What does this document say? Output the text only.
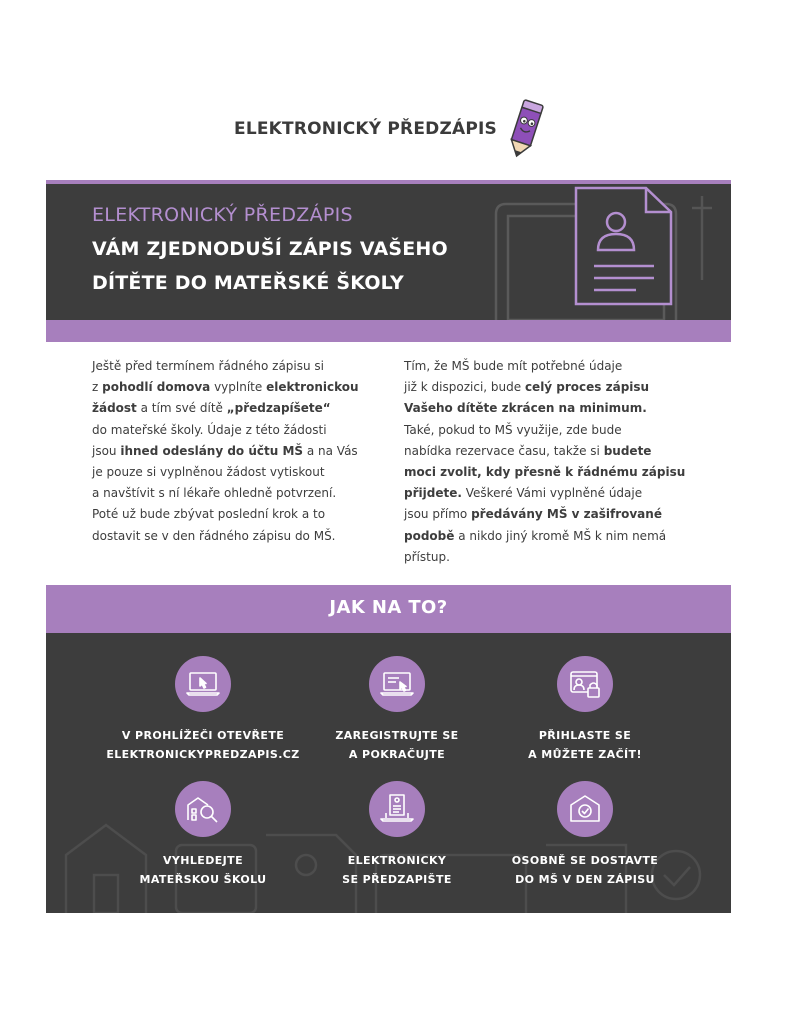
ELEKTRONICKÝ PŘEDZÁPIS
ELEKTRONICKÝ PŘEDZÁPIS
VÁM ZJEDNODUŠÍ ZÁPIS VAŠEHO
DÍTĚTE DO MATEŘSKÉ ŠKOLY
Ještě před termínem řádného zápisu si
z pohodlí domova vyplníte elektronickou
žádost a tím své dítě „předzapíšete“
do mateřské školy. Údaje z této žádosti
jsou ihned odeslány do účtu MŠ a na Vás
je pouze si vyplněnou žádost vytiskout
a navštívit s ní lékaře ohledně potvrzení.
Poté už bude zbývat poslední krok a to
dostavit se v den řádného zápisu do MŠ.
Tím, že MŠ bude mít potřebné údaje
již k dispozici, bude celý proces zápisu
Vašeho dítěte zkrácen na minimum.
Také, pokud to MŠ využije, zde bude
nabídka rezervace času, takže si budete
moci zvolit, kdy přesně k řádnému zápisu
přijdete. Veškeré Vámi vyplněné údaje
jsou přímo předávány MŠ v zašifrované
podobě a nikdo jiný kromě MŠ k nim nemá
přístup.
JAK NA TO?
V PROHLÍŽEČI OTEVŘETE
ELEKTRONICKYPREDZAPIS.CZ
ZAREGISTRUJTE SE
A POKRAČUJTE
PŘIHLASTE SE
A MŮŽETE ZAČÍT!
VYHLEDEJTE
MATEŘSKOU ŠKOLU
ELEKTRONICKY
SE PŘEDZAPIŠTE
OSOBNĚ SE DOSTAVTE
DO MŠ V DEN ZÁPISU
